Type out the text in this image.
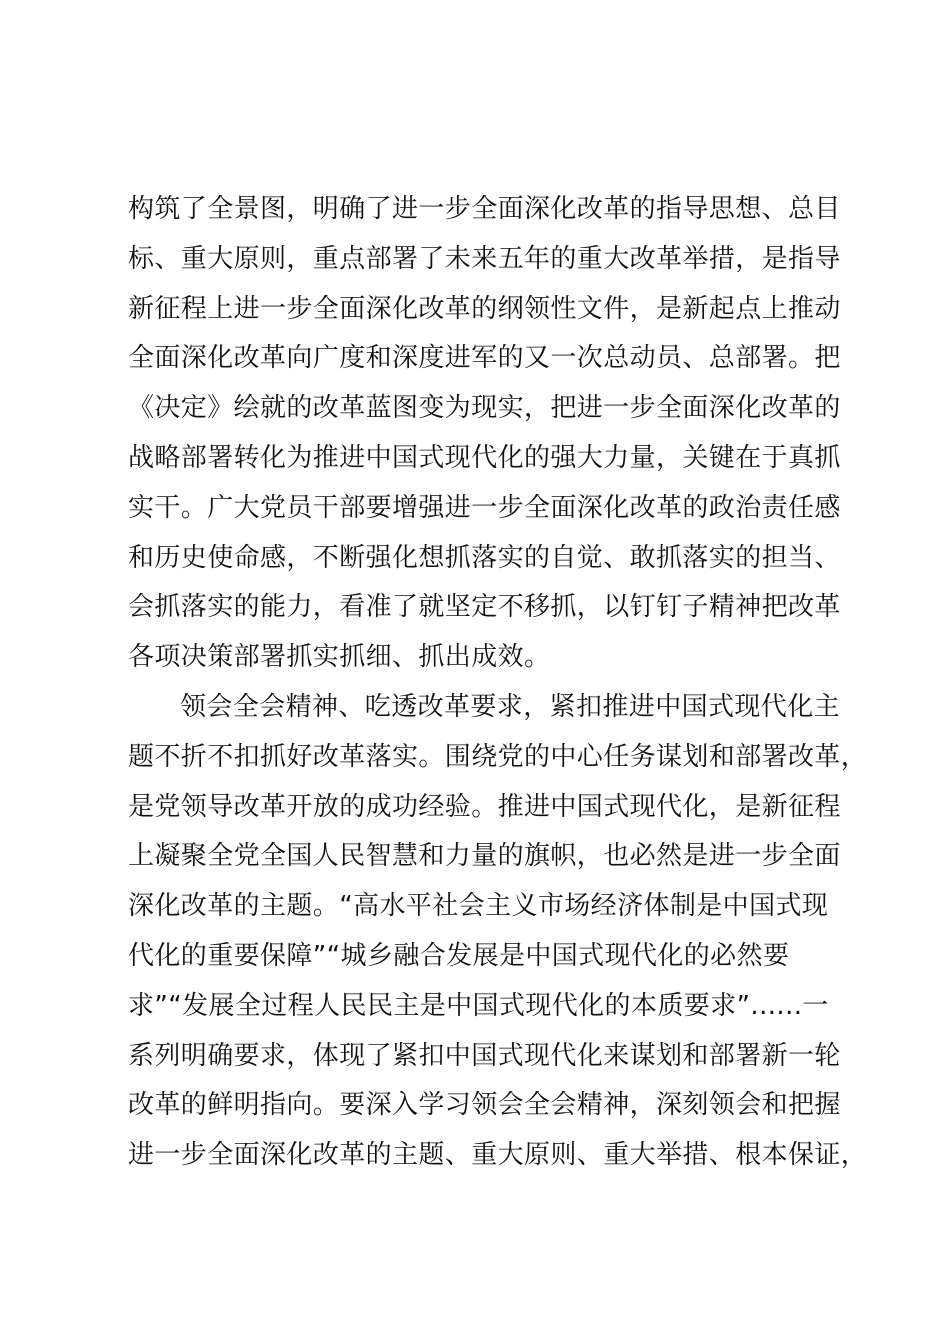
构筑了全景图，明确了进一步全面深化改革的指导思想、总目
标、重大原则，重点部署了未来五年的重大改革举措，是指导
新征程上进一步全面深化改革的纲领性文件，是新起点上推动
全面深化改革向广度和深度进军的又一次总动员、总部署。把
《决定》绘就的改革蓝图变为现实，把进一步全面深化改革的
战略部署转化为推进中国式现代化的强大力量，关键在于真抓
实干。广大党员干部要增强进一步全面深化改革的政治责任感
和历史使命感，不断强化想抓落实的自觉、敢抓落实的担当、
会抓落实的能力，看准了就坚定不移抓，以钉钉子精神把改革
各项决策部署抓实抓细、抓出成效。
领会全会精神、吃透改革要求，紧扣推进中国式现代化主
题不折不扣抓好改革落实。围绕党的中心任务谋划和部署改革，
是党领导改革开放的成功经验。推进中国式现代化，是新征程
上凝聚全党全国人民智慧和力量的旗帜，也必然是进一步全面
深化改革的主题。“高水平社会主义市场经济体制是中国式现
代化的重要保障”“城乡融合发展是中国式现代化的必然要
求”“发展全过程人民民主是中国式现代化的本质要求”......一
系列明确要求，体现了紧扣中国式现代化来谋划和部署新一轮
改革的鲜明指向。要深入学习领会全会精神，深刻领会和把握
进一步全面深化改革的主题、重大原则、重大举措、根本保证，
